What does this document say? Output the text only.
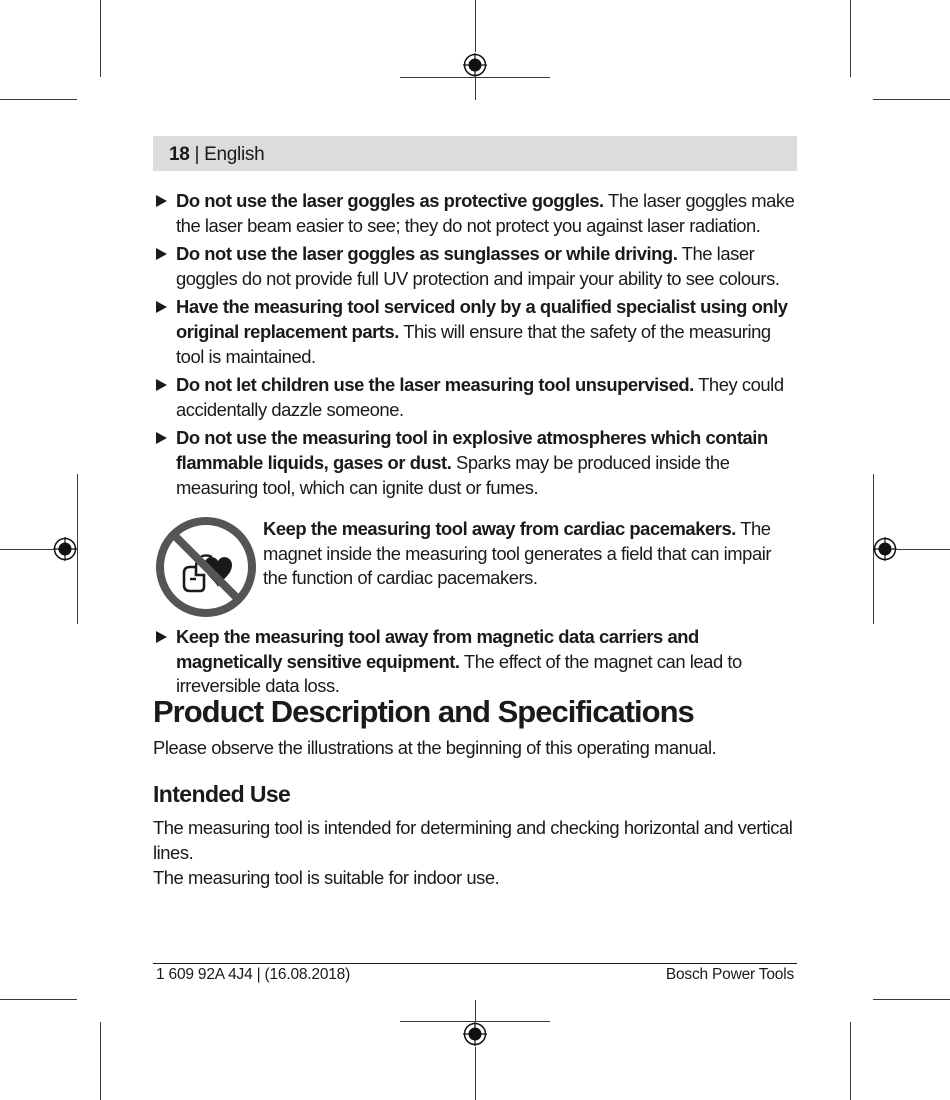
18 | English
Do not use the laser goggles as protective goggles. The laser goggles make the laser beam easier to see; they do not protect you against laser radiation.
Do not use the laser goggles as sunglasses or while driving. The laser goggles do not provide full UV protection and impair your ability to see colours.
Have the measuring tool serviced only by a qualified specialist using only original replacement parts. This will ensure that the safety of the measuring tool is maintained.
Do not let children use the laser measuring tool unsupervised. They could accidentally dazzle someone.
Do not use the measuring tool in explosive atmospheres which contain flammable liquids, gases or dust. Sparks may be produced inside the measuring tool, which can ignite dust or fumes.
Keep the measuring tool away from cardiac pacemakers. The magnet inside the measuring tool generates a field that can impair the function of cardiac pacemakers.
Keep the measuring tool away from magnetic data carriers and magnetically sensitive equipment. The effect of the magnet can lead to irreversible data loss.
Product Description and Specifications
Please observe the illustrations at the beginning of this operating manual.
Intended Use
The measuring tool is intended for determining and checking horizontal and vertical lines.
The measuring tool is suitable for indoor use.
1 609 92A 4J4 | (16.08.2018)	Bosch Power Tools
